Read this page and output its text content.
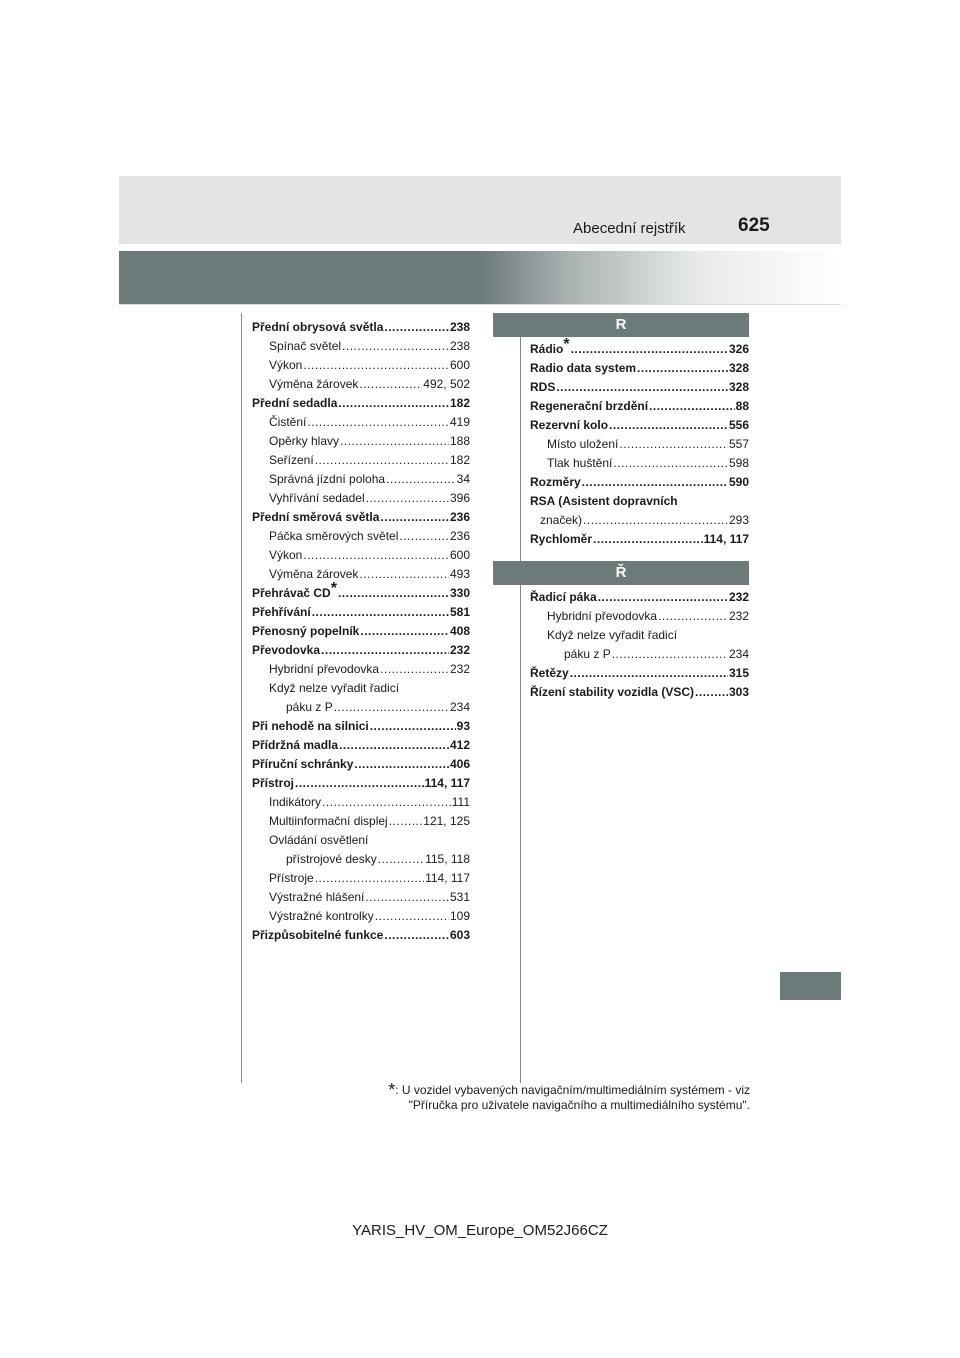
Abecední rejstřík	625
Přední obrysová světla .....	238
Spínač světel .....	238
Výkon .....	600
Výměna žárovek .....	492, 502
Přední sedadla .....	182
Čistění .....	419
Opěrky hlavy .....	188
Seřízení .....	182
Správná jízdní poloha .....	34
Vyhřívání sedadel .....	396
Přední směrová světla .....	236
Páčka směrových světel .....	236
Výkon .....	600
Výměna žárovek .....	493
Přehrávač CD* .....	330
Přehřívání .....	581
Přenosný popelník .....	408
Převodovka .....	232
Hybridní převodovka .....	232
Když nelze vyřadit řadicí
páku z P .....	234
Při nehodě na silnici .....	93
Přídržná madla .....	412
Příruční schránky .....	406
Přístroj .....	114, 117
Indikátory .....	111
Multiinformační displej .....	121, 125
Ovládání osvětlení
přístrojové desky .....	115, 118
Přístroje .....	114, 117
Výstražné hlášení .....	531
Výstražné kontrolky .....	109
Přizpůsobitelné funkce .....	603
R
Rádio* .....	326
Radio data system .....	328
RDS .....	328
Regenerační brzdění .....	88
Rezervní kolo .....	556
Místo uložení .....	557
Tlak huštění .....	598
Rozměry .....	590
RSA (Asistent dopravních
značek) .....	293
Rychloměr .....	114, 117
Ř
Řadicí páka .....	232
Hybridní převodovka .....	232
Když nelze vyřadit řadicí
páku z P .....	234
Řetězy .....	315
Řízení stability vozidla (VSC) .....	303
*: U vozidel vybavených navigačním/multimediálním systémem - viz
"Příručka pro uživatele navigačního a multimediálního systému".
YARIS_HV_OM_Europe_OM52J66CZ
